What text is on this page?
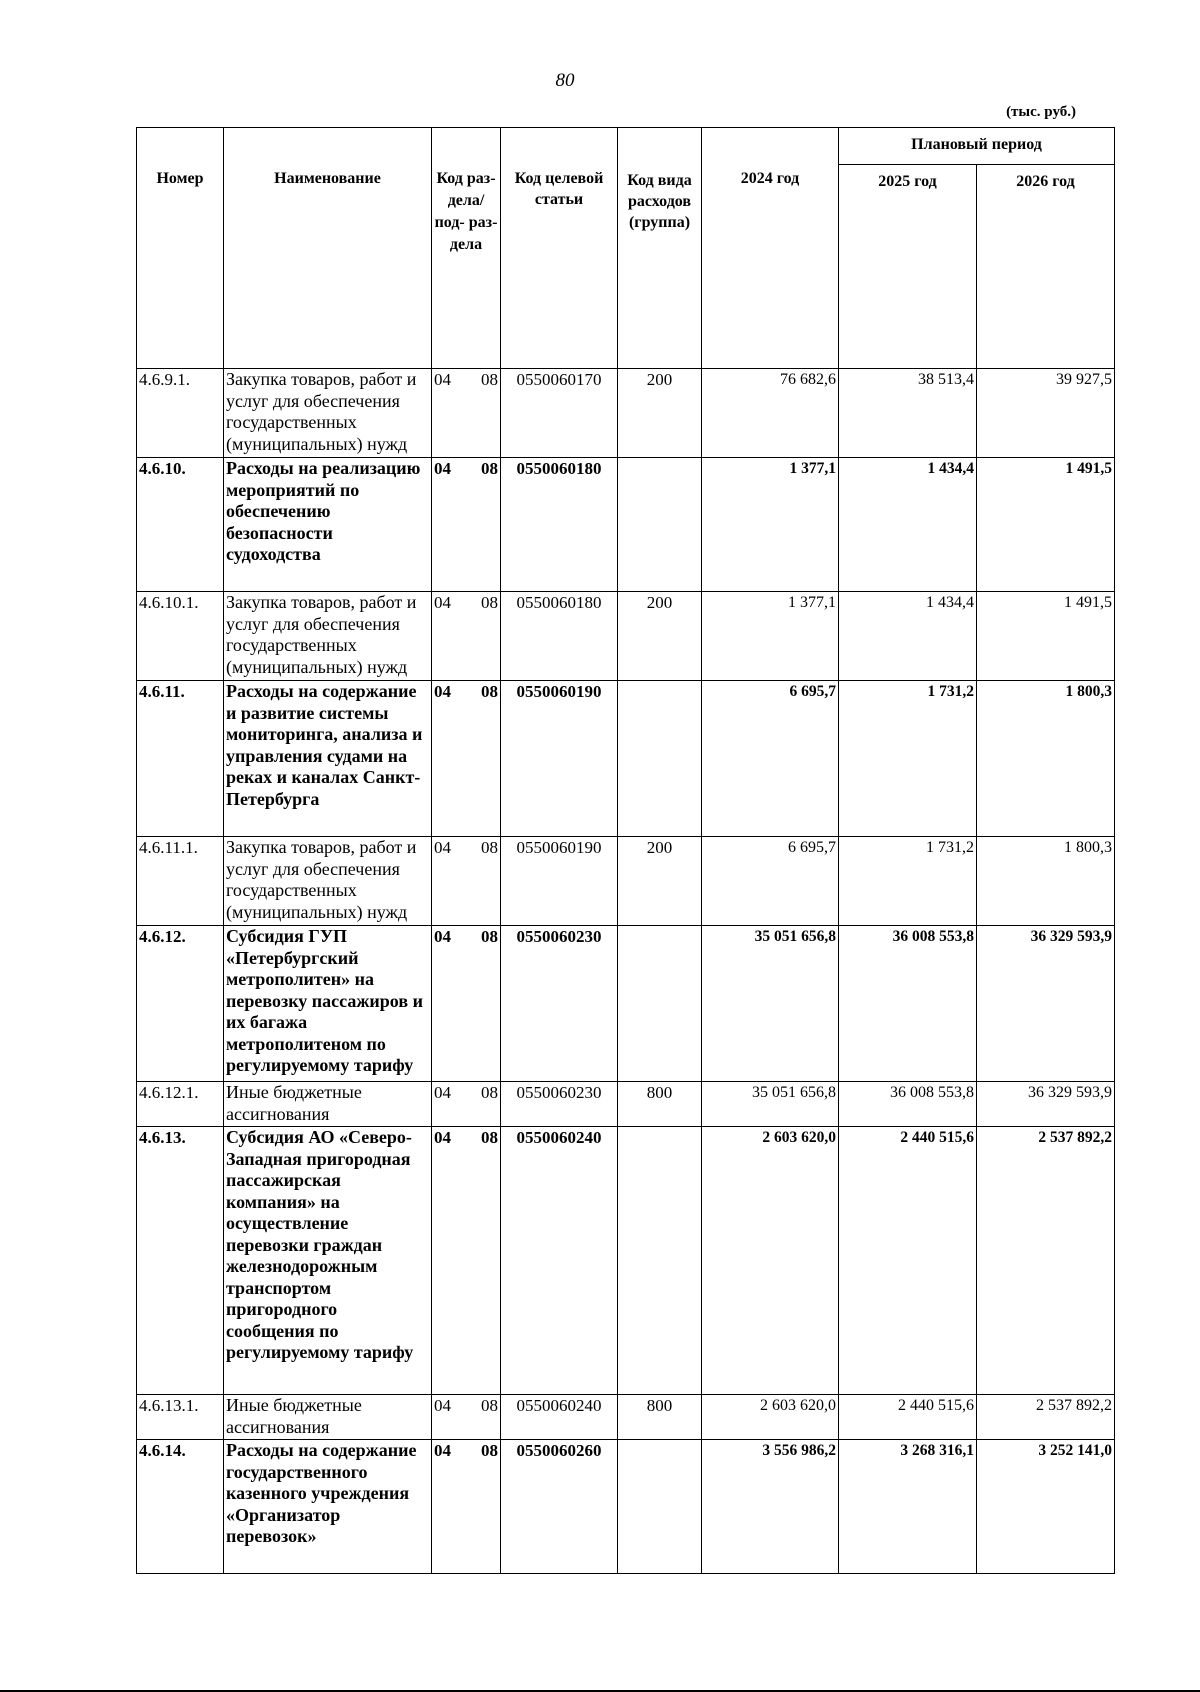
80
(тыс. руб.)
Номер	Наименование	Код раз- дела/ под- раз- дела	Код целевой статьи	Код вида расходов (группа)	2024 год	Плановый период	
						2025 год	2026 год
4.6.9.1.	Закупка товаров, работ и услуг для обеспечения государственных (муниципальных) нужд	04 08	0550060170	200	76 682,6	38 513,4	39 927,5
4.6.10.	Расходы на реализацию мероприятий по обеспечению безопасности судоходства	04 08	0550060180		1 377,1	1 434,4	1 491,5
4.6.10.1.	Закупка товаров, работ и услуг для обеспечения государственных (муниципальных) нужд	04 08	0550060180	200	1 377,1	1 434,4	1 491,5
4.6.11.	Расходы на содержание и развитие системы мониторинга, анализа и управления судами на реках и каналах Санкт-Петербурга	04 08	0550060190		6 695,7	1 731,2	1 800,3
4.6.11.1.	Закупка товаров, работ и услуг для обеспечения государственных (муниципальных) нужд	04 08	0550060190	200	6 695,7	1 731,2	1 800,3
4.6.12.	Субсидия ГУП «Петербургский метрополитен» на перевозку пассажиров и их багажа метрополитеном по регулируемому тарифу	04 08	0550060230		35 051 656,8	36 008 553,8	36 329 593,9
4.6.12.1.	Иные бюджетные ассигнования	04 08	0550060230	800	35 051 656,8	36 008 553,8	36 329 593,9
4.6.13.	Субсидия АО «Северо-Западная пригородная пассажирская компания» на осуществление перевозки граждан железнодорожным транспортом пригородного сообщения по регулируемому тарифу	04 08	0550060240		2 603 620,0	2 440 515,6	2 537 892,2
4.6.13.1.	Иные бюджетные ассигнования	04 08	0550060240	800	2 603 620,0	2 440 515,6	2 537 892,2
4.6.14.	Расходы на содержание государственного казенного учреждения «Организатор перевозок»	04 08	0550060260		3 556 986,2	3 268 316,1	3 252 141,0
